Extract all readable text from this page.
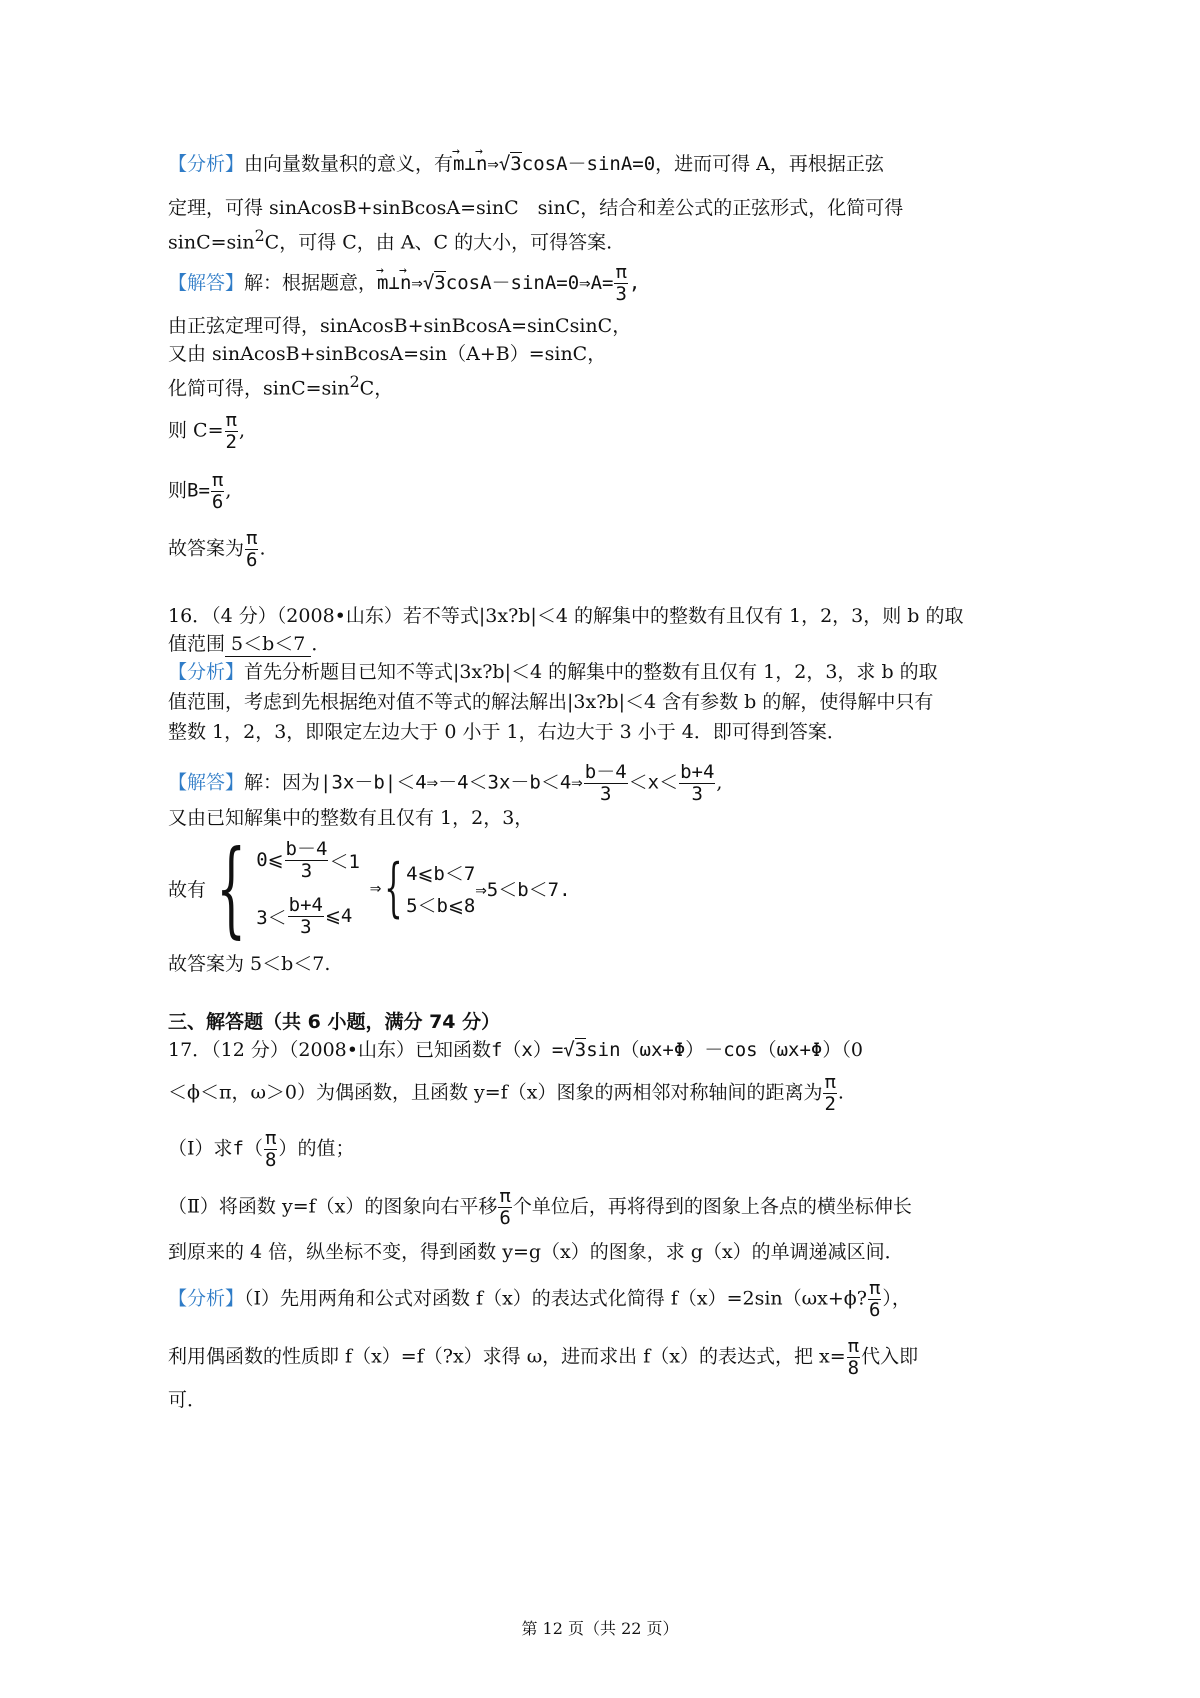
【分析】由向量数量积的意义，有→ m⊥→ n⇒√3cosA－sinA=0，进而可得 A，再根据正弦
定理，可得 sinAcosB+sinBcosA=sinC　sinC，结合和差公式的正弦形式，化简可得
$\sin C=\sin^2C$，可得 C，由 A、C 的大小，可得答案.
【解答】解：根据题意，→ m⊥→ n⇒√3cosA－sinA=0⇒A= $\frac{\pi}{3}$ ,
由正弦定理可得，sinAcosB+sinBcosA=sinCsinC，
又由 sinAcosB+sinBcosA=sin（A+B）=sinC，
化简可得，$\sin C=\sin^2C$，
则 $C= \frac{\pi}{2}$ ,
则$B= \frac{\pi}{6}$ ,
故答案为 $\frac{\pi}{6}$ .
16．（4 分）（2008•山东）若不等式|3x?b|＜4 的解集中的整数有且仅有 1，2，3，则 b 的取
值范围 5＜b＜7 ．
【分析】首先分析题目已知不等式|3x?b|＜4 的解集中的整数有且仅有 1，2，3，求 b 的取
值范围，考虑到先根据绝对值不等式的解法解出|3x?b|＜4 含有参数 b 的解，使得解中只有
整数 1，2，3，即限定左边大于 0 小于 1，右边大于 3 小于 4．即可得到答案．
【解答】解：因为|3x－b|＜4⇒－4＜3x－b＜4⇒ $\frac{b-4}{3} <x< \frac{b+4}{3}$ ,
又由已知解集中的整数有且仅有 1，2，3，
故有 { 0⩽ $\frac{b-4}{3} <1$
$3< \frac{b+4}{3}$ ⩽4
⇒ { 4⩽b＜7
5＜b⩽8
⇒5＜b＜7.
故答案为 5＜b＜7.
三、解答题（共 6 小题，满分 74 分）
17．（12 分）（2008•山东）已知函数f（x）=√3sin（ωx+Φ）－cos（ωx+Φ）（0
＜ϕ＜π，ω＞0）为偶函数，且函数 y=f（x）图象的两相邻对称轴间的距离为 $\frac{\pi}{2}$ .
（Ⅰ）求$f( \frac{\pi}{8}$ ）的值；
（Ⅱ）将函数 y=f（x）的图象向右平移 $\frac{\pi}{6}$ 个单位后，再将得到的图象上各点的横坐标伸长
到原来的 4 倍，纵坐标不变，得到函数 y=g（x）的图象，求 g（x）的单调递减区间．
【分析】（Ⅰ）先用两角和公式对函数 f（x）的表达式化简得 f（x）=2sin（ωx+ϕ? $\frac{\pi}{6}$ ），
利用偶函数的性质即 f（x）=f（?x）求得 ω，进而求出 f（x）的表达式，把 $x= \frac{\pi}{8}$ 代入即
可．
第 12 页（共 22 页）
